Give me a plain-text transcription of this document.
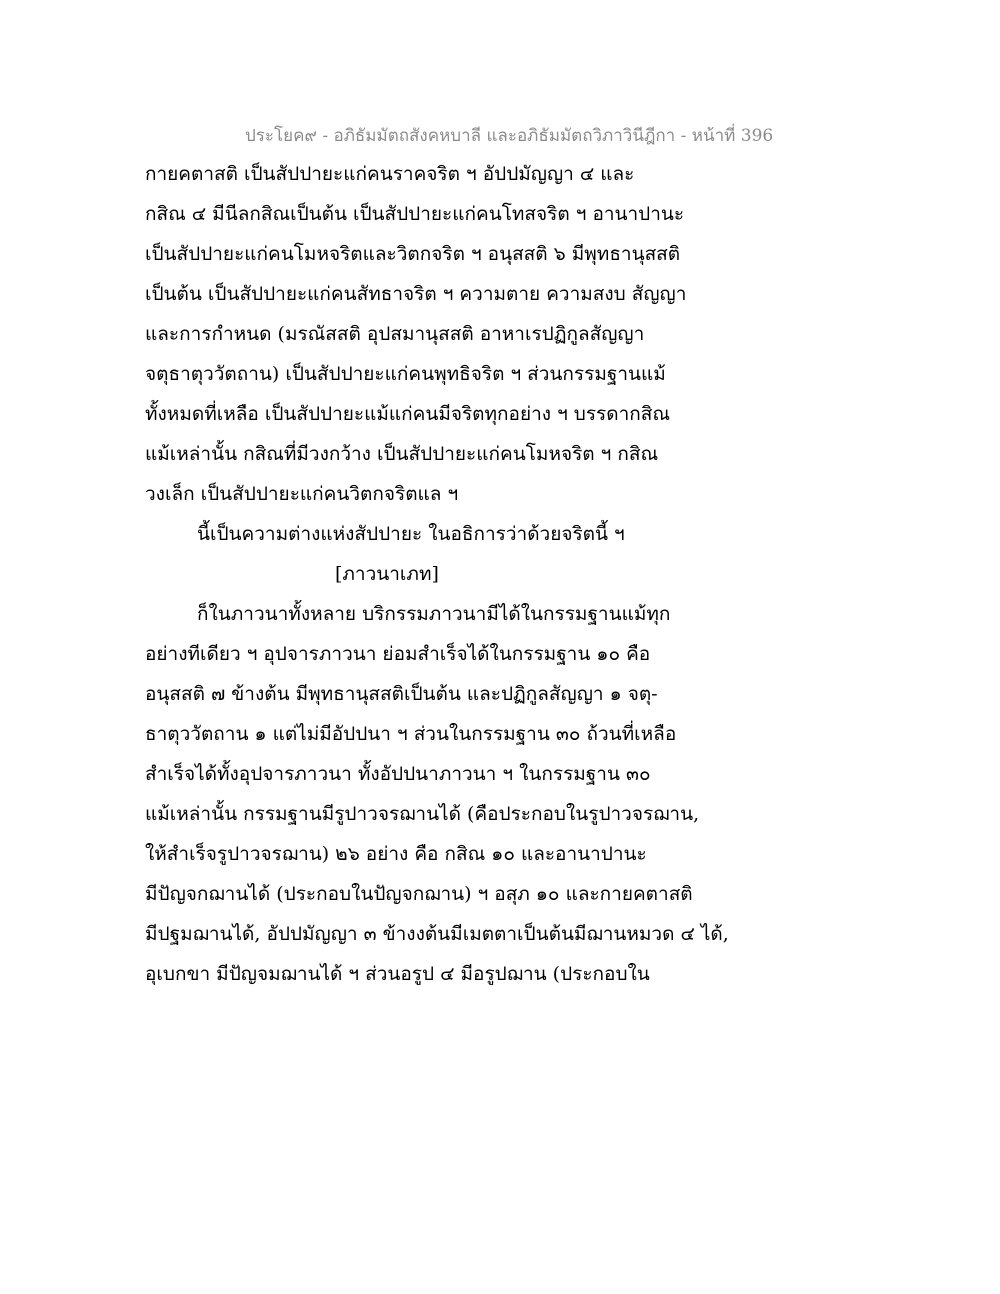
ประโยค๙ - อภิธัมมัตถสังคหบาลี และอภิธัมมัตถวิภาวินีฎีกา - หน้าที่ 396
กายคตาสติ เป็นสัปปายะแก่คนราคจริต ฯ อัปปมัญญา ๔ และ
กสิณ ๔ มีนีลกสิณเป็นต้น เป็นสัปปายะแก่คนโทสจริต ฯ อานาปานะ
เป็นสัปปายะแก่คนโมหจริตและวิตกจริต ฯ อนุสสติ ๖ มีพุทธานุสสติ
เป็นต้น เป็นสัปปายะแก่คนสัทธาจริต ฯ ความตาย ความสงบ สัญญา
และการกำหนด (มรณัสสติ อุปสมานุสสติ อาหาเรปฏิกูลสัญญา
จตุธาตุววัตถาน) เป็นสัปปายะแก่คนพุทธิจริต ฯ ส่วนกรรมฐานแม้
ทั้งหมดที่เหลือ เป็นสัปปายะแม้แก่คนมีจริตทุกอย่าง ฯ บรรดากสิณ
แม้เหล่านั้น กสิณที่มีวงกว้าง เป็นสัปปายะแก่คนโมหจริต ฯ กสิณ
วงเล็ก เป็นสัปปายะแก่คนวิตกจริตแล ฯ
นี้เป็นความต่างแห่งสัปปายะ ในอธิการว่าด้วยจริตนี้ ฯ
[ภาวนาเภท]
ก็ในภาวนาทั้งหลาย บริกรรมภาวนามีได้ในกรรมฐานแม้ทุก
อย่างทีเดียว ฯ อุปจารภาวนา ย่อมสำเร็จได้ในกรรมฐาน ๑๐ คือ
อนุสสติ ๗ ข้างต้น มีพุทธานุสสติเป็นต้น และปฏิกูลสัญญา ๑ จตุ-
ธาตุววัตถาน ๑ แต่ไม่มีอัปปนา ฯ ส่วนในกรรมฐาน ๓๐ ถ้วนที่เหลือ
สำเร็จได้ทั้งอุปจารภาวนา ทั้งอัปปนาภาวนา ฯ ในกรรมฐาน ๓๐
แม้เหล่านั้น กรรมฐานมีรูปาวจรฌานได้ (คือประกอบในรูปาวจรฌาน,
ให้สำเร็จรูปาวจรฌาน) ๒๖ อย่าง คือ กสิณ ๑๐ และอานาปานะ
มีปัญจกฌานได้ (ประกอบในปัญจกฌาน) ฯ อสุภ ๑๐ และกายคตาสติ
มีปฐมฌานได้, อัปปมัญญา ๓ ข้างงต้นมีเมตตาเป็นต้นมีฌานหมวด ๔ ได้,
อุเบกขา มีปัญจมฌานได้ ฯ ส่วนอรูป ๔ มีอรูปฌาน (ประกอบใน
